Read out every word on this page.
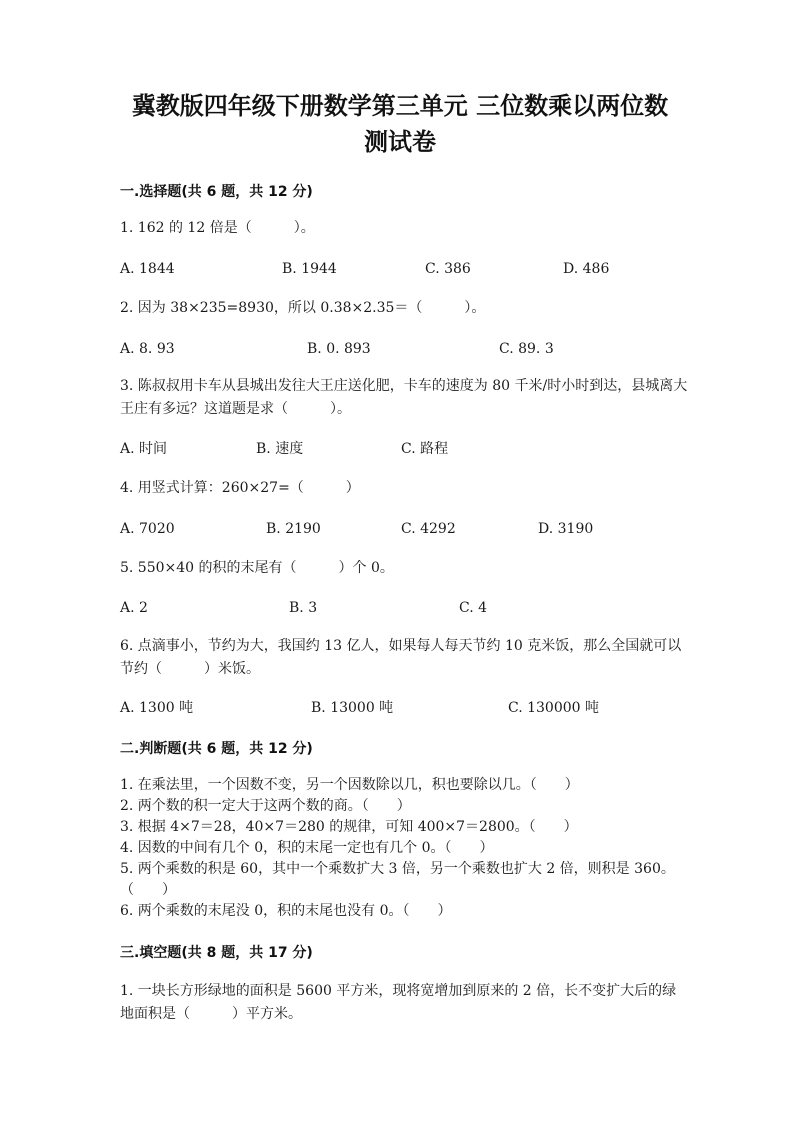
冀教版四年级下册数学第三单元 三位数乘以两位数
测试卷
一.选择题(共 6 题，共 12 分)
1. 162 的 12 倍是（　　　）。
A. 1844	B. 1944	C. 386	D. 486
2. 因为 38×235=8930，所以 0.38×2.35＝（　　　）。
A. 8. 93	B. 0. 893	C. 89. 3
3. 陈叔叔用卡车从县城出发往大王庄送化肥，卡车的速度为 80 千米/时小时到达，县城离大王庄有多远？这道题是求（　　　）。
A. 时间	B. 速度	C. 路程
4. 用竖式计算：260×27=（　　　）
A. 7020	B. 2190	C. 4292	D. 3190
5. 550×40 的积的末尾有（　　　）个 0。
A. 2	B. 3	C. 4
6. 点滴事小，节约为大，我国约 13 亿人，如果每人每天节约 10 克米饭，那么全国就可以节约（　　　）米饭。
A. 1300 吨	B. 13000 吨	C. 130000 吨
二.判断题(共 6 题，共 12 分)
1. 在乘法里，一个因数不变，另一个因数除以几，积也要除以几。（　　）
2. 两个数的积一定大于这两个数的商。（　　）
3. 根据 4×7＝28，40×7＝280 的规律，可知 400×7＝2800。（　　）
4. 因数的中间有几个 0，积的末尾一定也有几个 0。（　　）
5. 两个乘数的积是 60，其中一个乘数扩大 3 倍，另一个乘数也扩大 2 倍，则积是 360。（　　）
6. 两个乘数的末尾没 0，积的末尾也没有 0。（　　）
三.填空题(共 8 题，共 17 分)
1. 一块长方形绿地的面积是 5600 平方米，现将宽增加到原来的 2 倍，长不变扩大后的绿地面积是（　　　）平方米。
